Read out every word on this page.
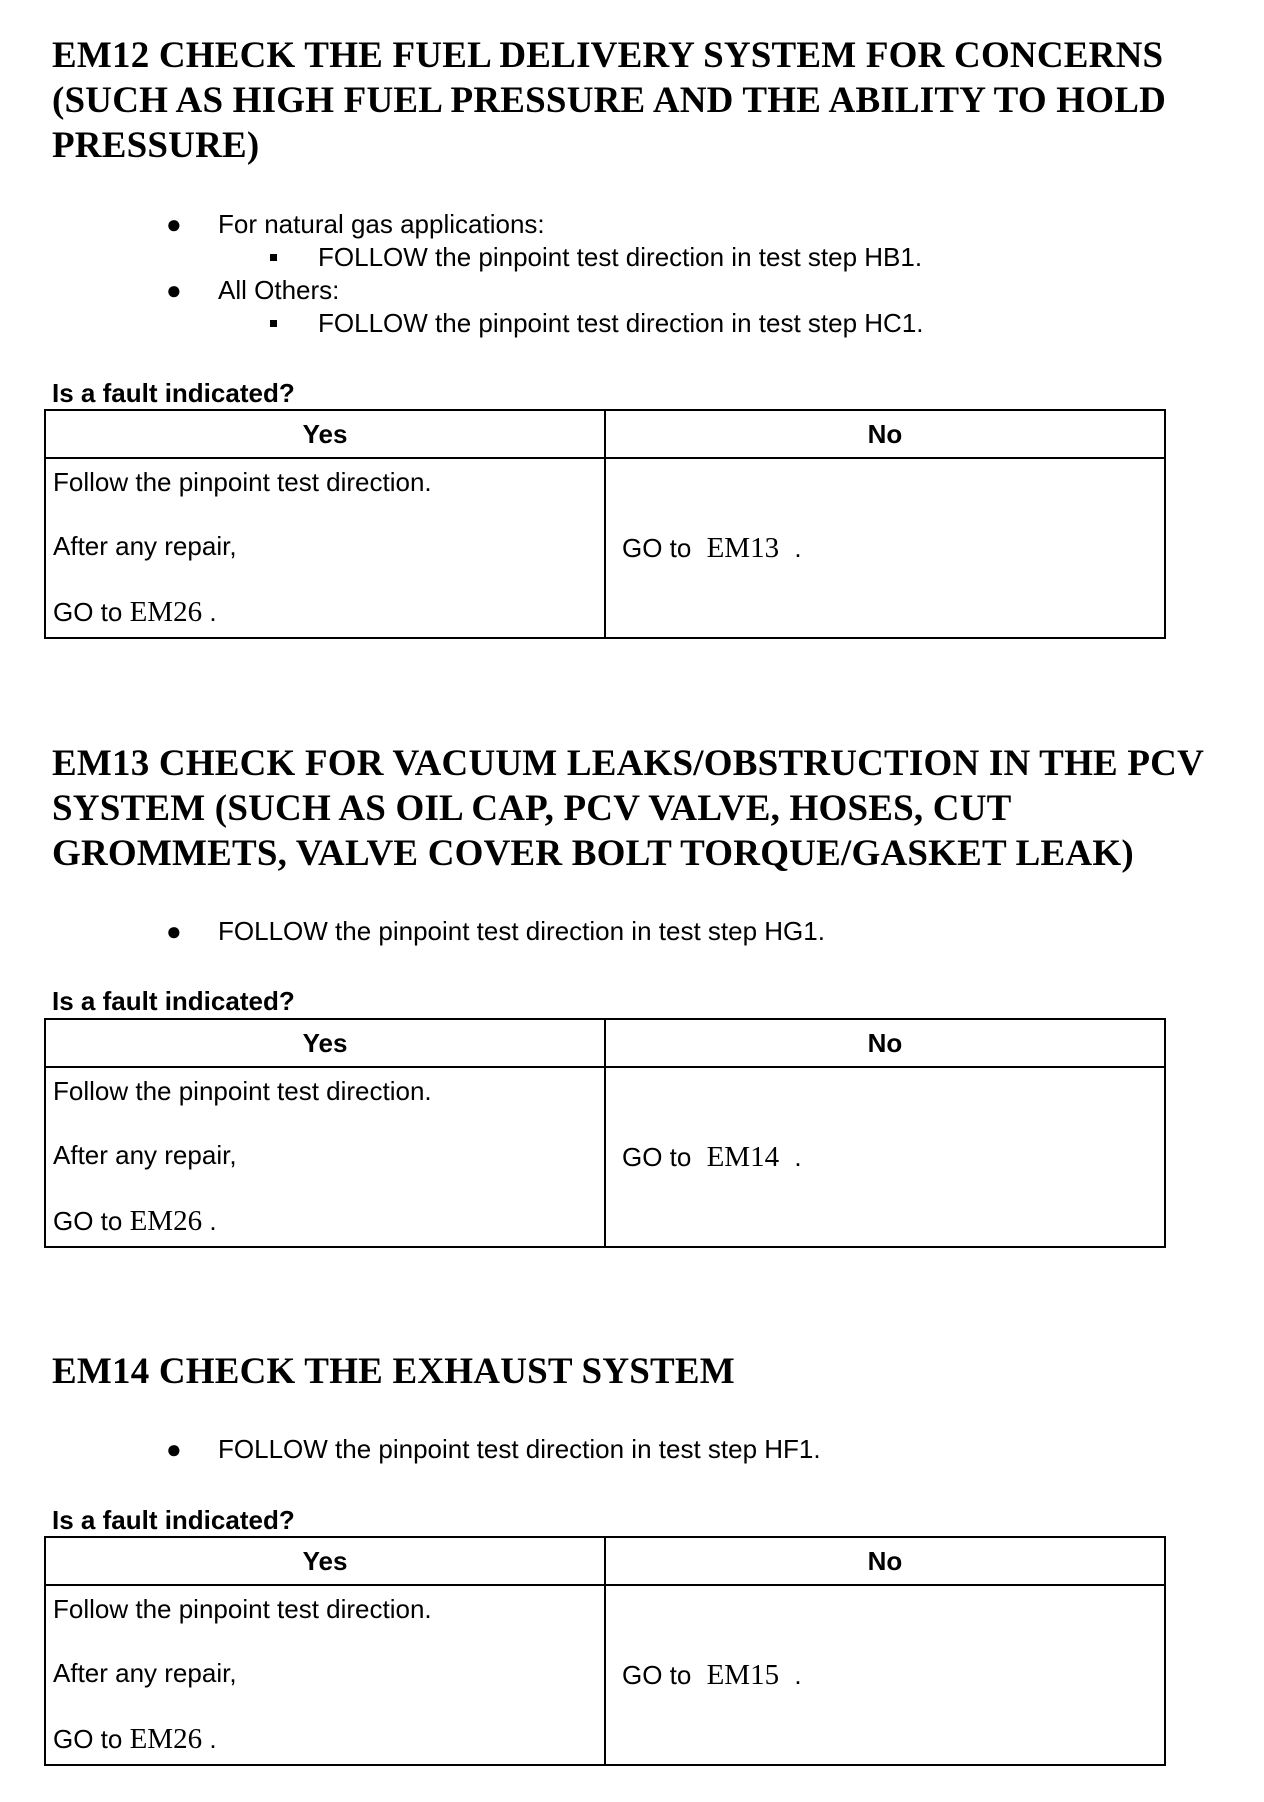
EM12 CHECK THE FUEL DELIVERY SYSTEM FOR CONCERNS (SUCH AS HIGH FUEL PRESSURE AND THE ABILITY TO HOLD PRESSURE)
● For natural gas applications:
FOLLOW the pinpoint test direction in test step HB1.
● All Others:
FOLLOW the pinpoint test direction in test step HC1.

Is a fault indicated?

Yes	No

Follow the pinpoint test direction.

After any repair,

GO to EM26 .	GO to EM13 .
EM13 CHECK FOR VACUUM LEAKS/OBSTRUCTION IN THE PCV SYSTEM (SUCH AS OIL CAP, PCV VALVE, HOSES, CUT GROMMETS, VALVE COVER BOLT TORQUE/GASKET LEAK)
● FOLLOW the pinpoint test direction in test step HG1.

Is a fault indicated?

Yes	No

Follow the pinpoint test direction.

After any repair,

GO to EM26 .	GO to EM14 .
EM14 CHECK THE EXHAUST SYSTEM
● FOLLOW the pinpoint test direction in test step HF1.

Is a fault indicated?

Yes	No

Follow the pinpoint test direction.

After any repair,

GO to EM26 .	GO to EM15 .
